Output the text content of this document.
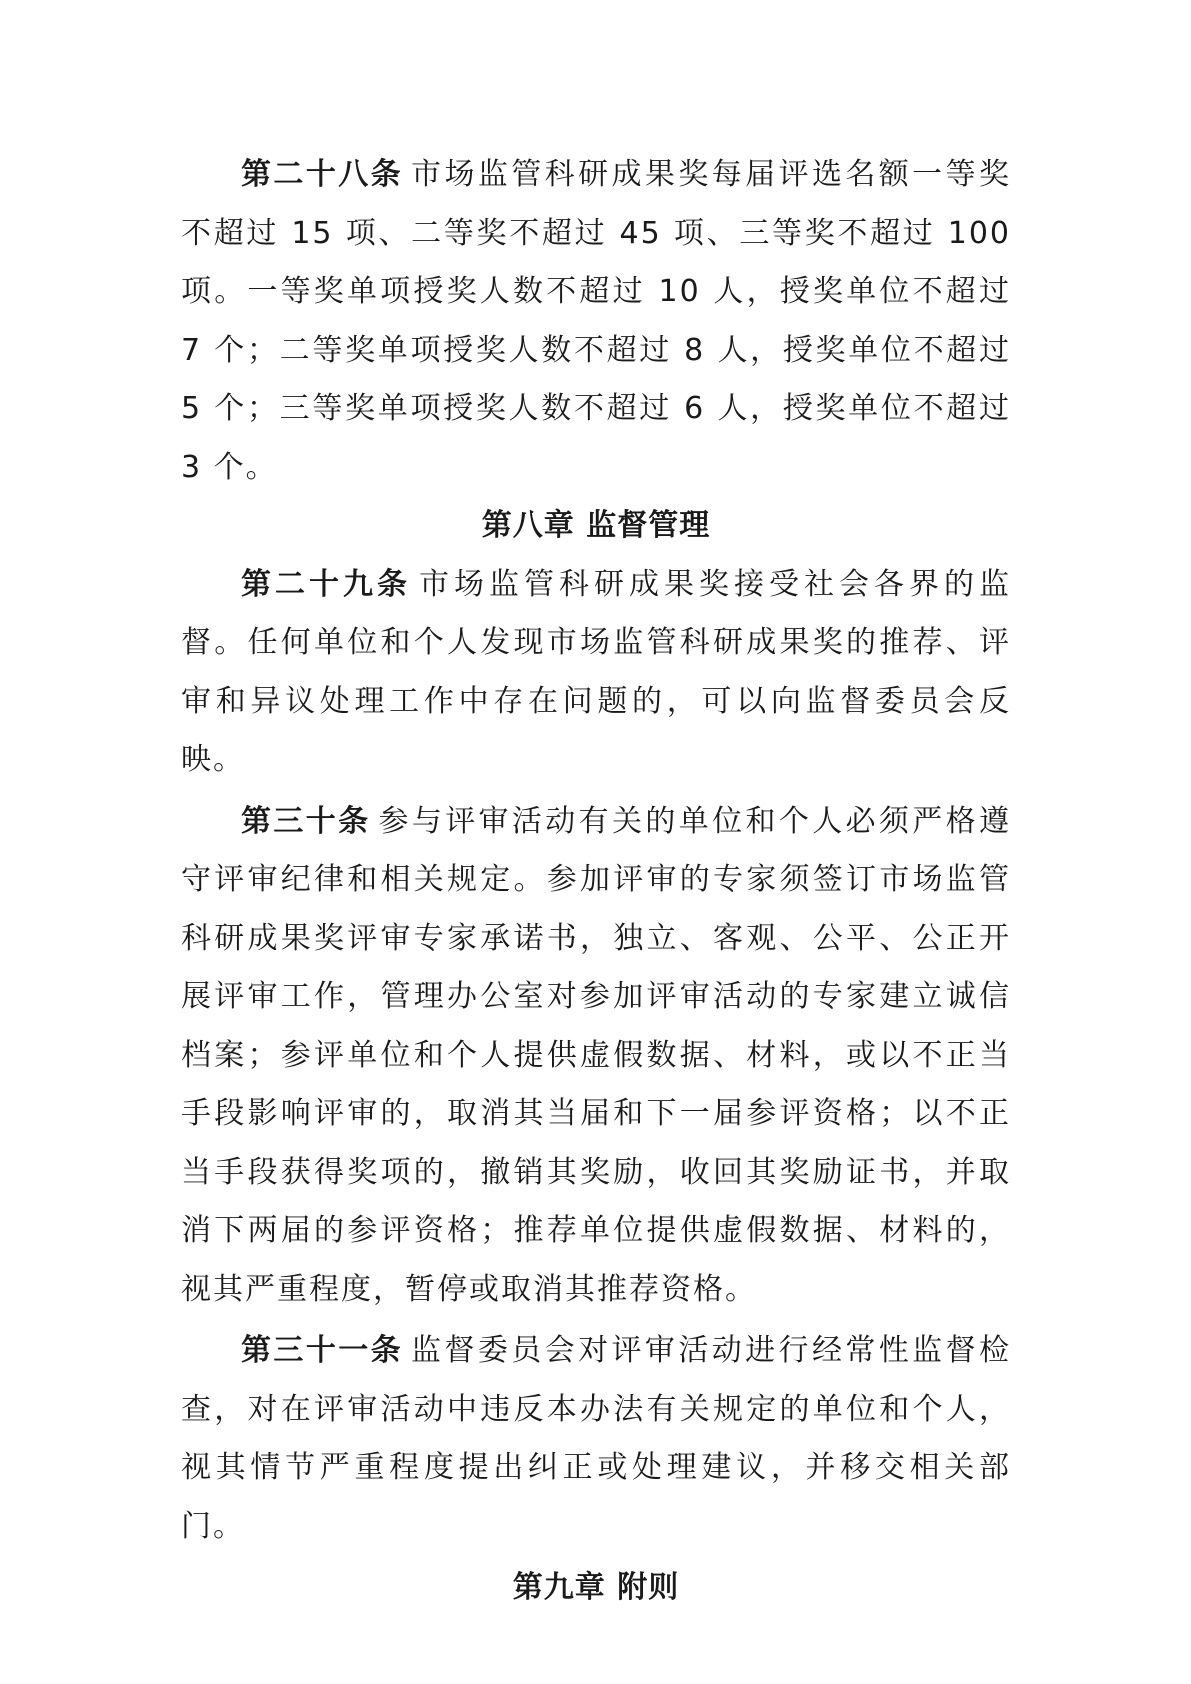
第二十八条 市场监管科研成果奖每届评选名额一等奖不超过 15 项、二等奖不超过 45 项、三等奖不超过 100 项。一等奖单项授奖人数不超过 10 人，授奖单位不超过 7 个；二等奖单项授奖人数不超过 8 人，授奖单位不超过 5 个；三等奖单项授奖人数不超过 6 人，授奖单位不超过 3 个。

第八章 监督管理

第二十九条 市场监管科研成果奖接受社会各界的监督。任何单位和个人发现市场监管科研成果奖的推荐、评审和异议处理工作中存在问题的，可以向监督委员会反映。

第三十条 参与评审活动有关的单位和个人必须严格遵守评审纪律和相关规定。参加评审的专家须签订市场监管科研成果奖评审专家承诺书，独立、客观、公平、公正开展评审工作，管理办公室对参加评审活动的专家建立诚信档案；参评单位和个人提供虚假数据、材料，或以不正当手段影响评审的，取消其当届和下一届参评资格；以不正当手段获得奖项的，撤销其奖励，收回其奖励证书，并取消下两届的参评资格；推荐单位提供虚假数据、材料的，视其严重程度，暂停或取消其推荐资格。

第三十一条 监督委员会对评审活动进行经常性监督检查，对在评审活动中违反本办法有关规定的单位和个人，视其情节严重程度提出纠正或处理建议，并移交相关部门。

第九章 附则
